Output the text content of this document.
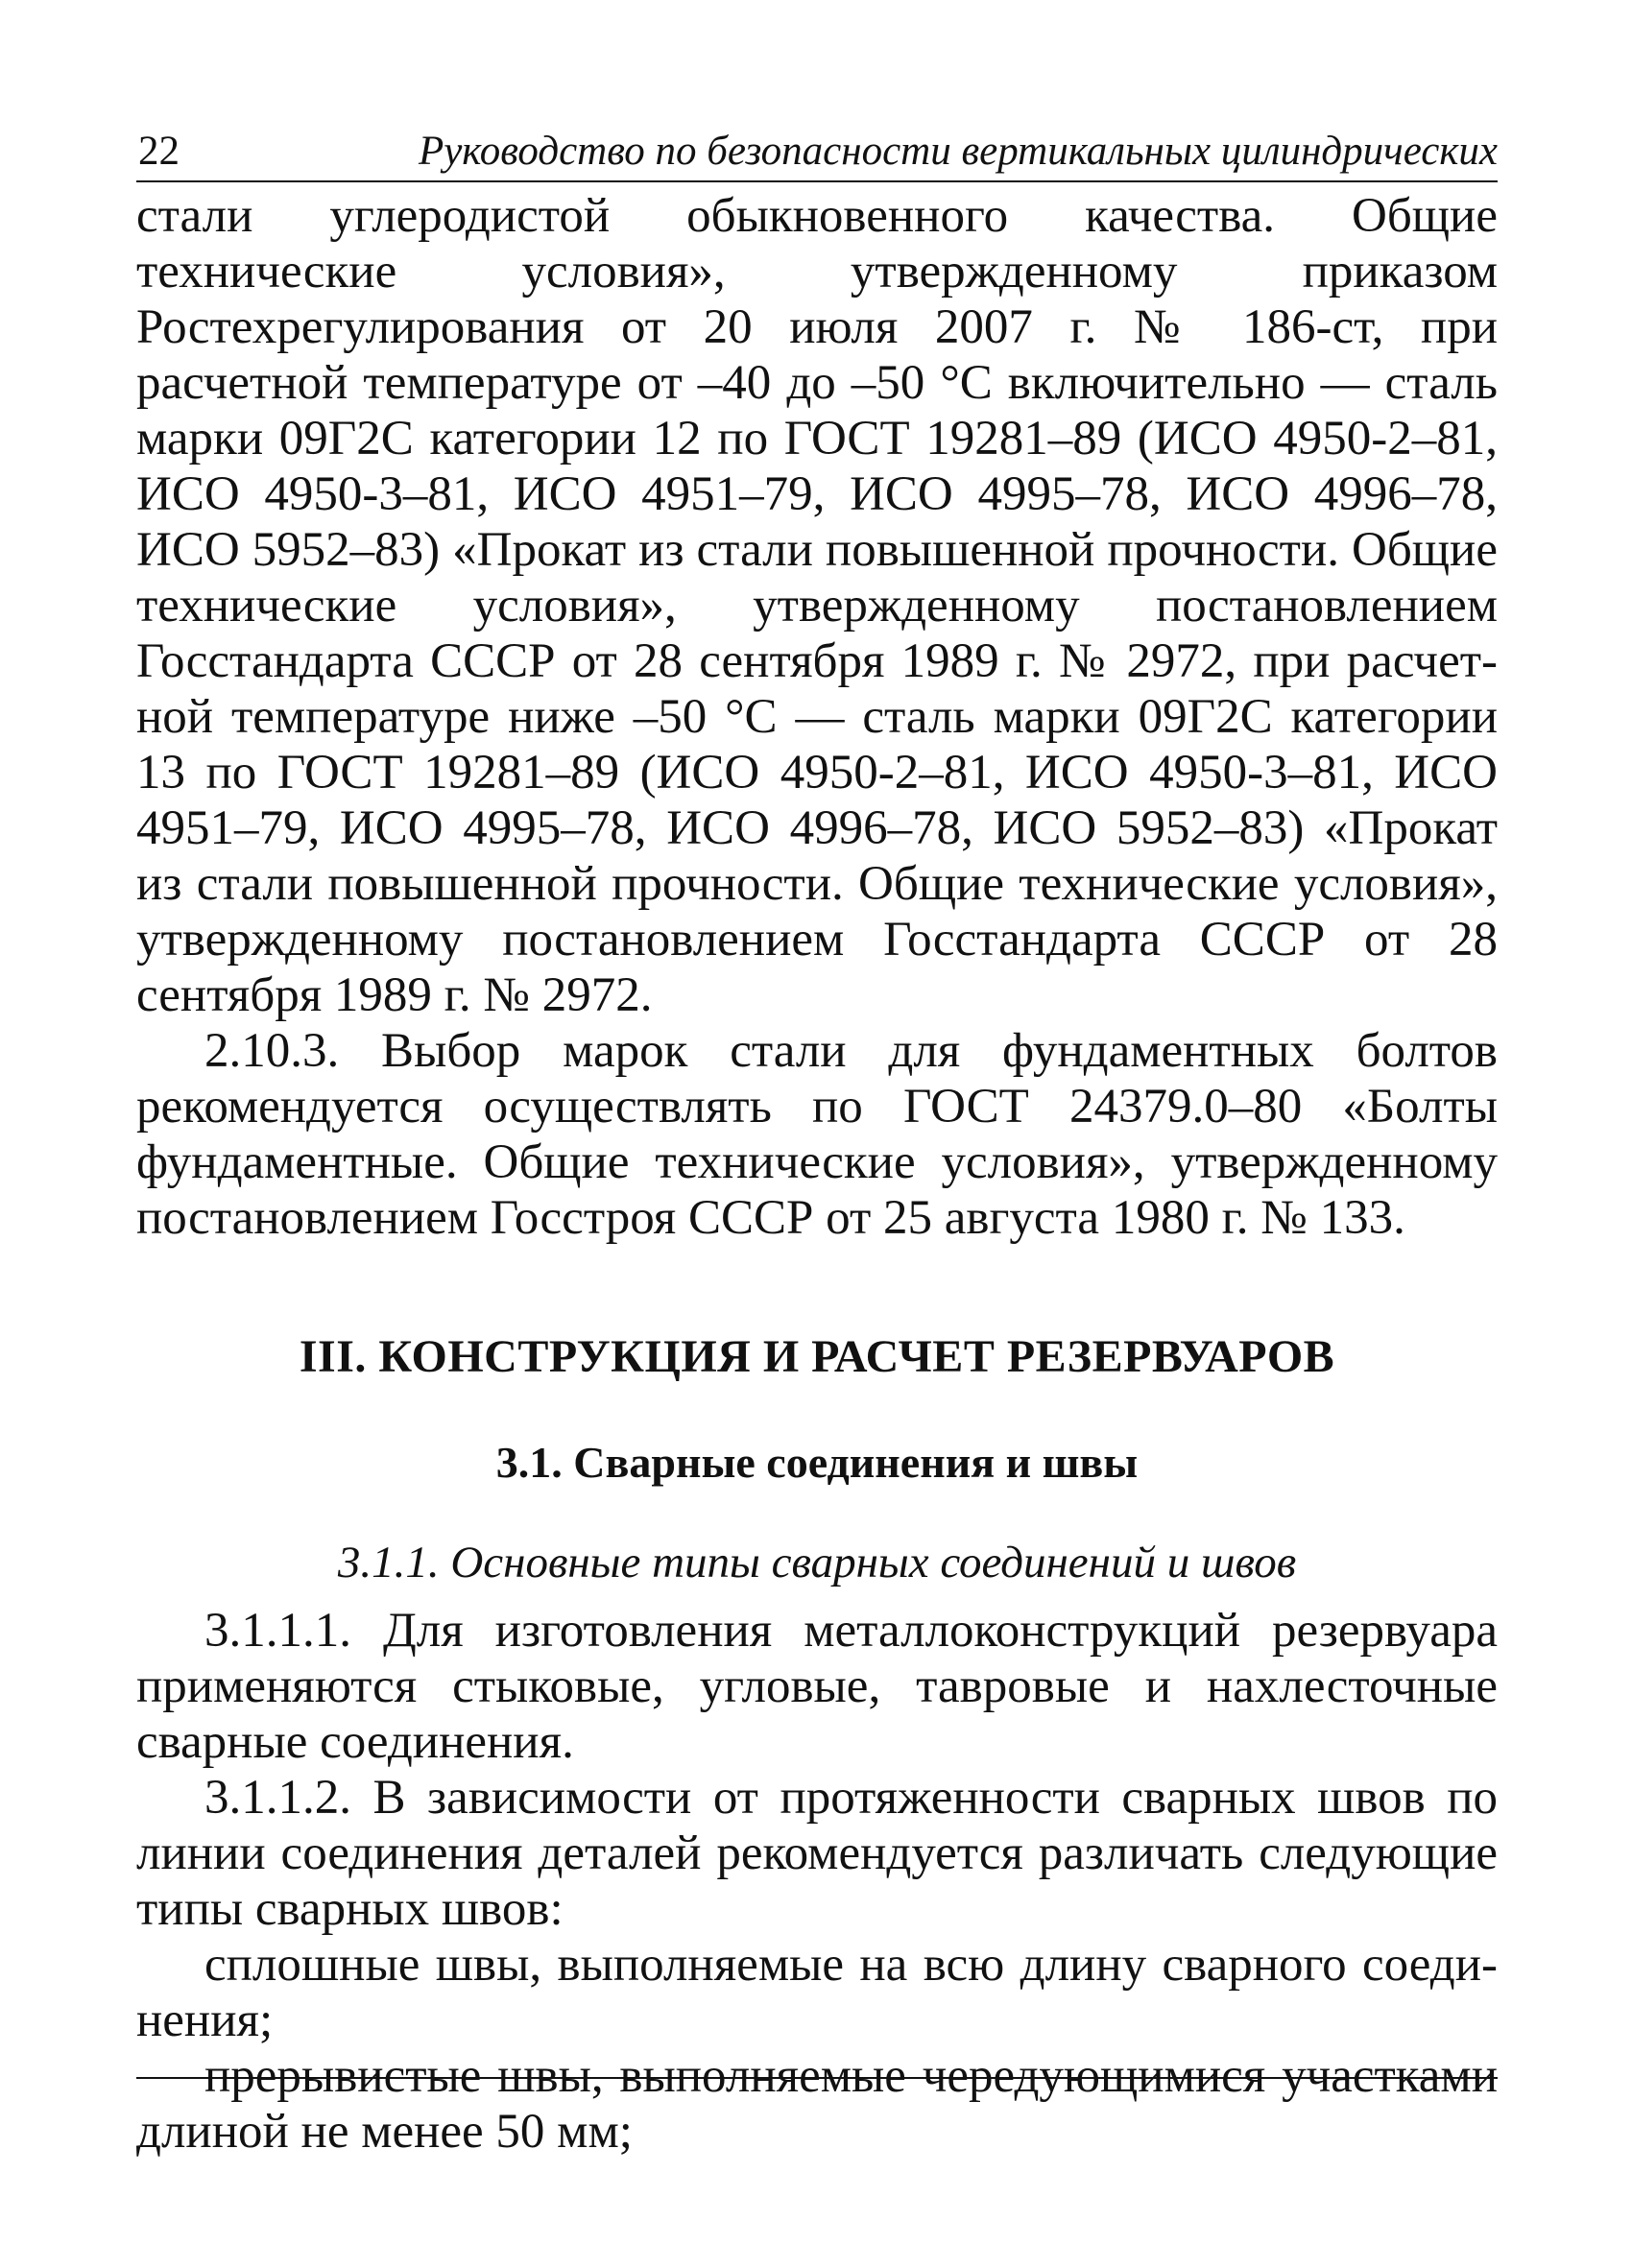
22	Руководство по безопасности вертикальных цилиндрических

стали углеродистой обыкновенного качества. Общие технические условия», утвержденному приказом Ростехрегулирования от 20 июля 2007 г. № 186-ст, при расчетной температуре от –40 до –50 °С включительно — сталь марки 09Г2С категории 12 по ГОСТ 19281–89 (ИСО 4950-2–81, ИСО 4950-3–81, ИСО 4951–79, ИСО 4995–78, ИСО 4996–78, ИСО 5952–83) «Прокат из стали повышенной прочности. Общие технические условия», утвержденному постановлением Госстандарта СССР от 28 сентября 1989 г. № 2972, при расчетной температуре ниже –50 °С — сталь марки 09Г2С категории 13 по ГОСТ 19281–89 (ИСО 4950-2–81, ИСО 4950-3–81, ИСО 4951–79, ИСО 4995–78, ИСО 4996–78, ИСО 5952–83) «Прокат из стали повышенной прочности. Общие технические условия», утвержденному постановлением Госстандарта СССР от 28 сентября 1989 г. № 2972.

2.10.3. Выбор марок стали для фундаментных болтов рекомендуется осуществлять по ГОСТ 24379.0–80 «Болты фундаментные. Общие технические условия», утвержденному постановлением Госстроя СССР от 25 августа 1980 г. № 133.

III. КОНСТРУКЦИЯ И РАСЧЕТ РЕЗЕРВУАРОВ
3.1. Сварные соединения и швы
3.1.1. Основные типы сварных соединений и швов

3.1.1.1. Для изготовления металлоконструкций резервуара применяются стыковые, угловые, тавровые и нахлесточные сварные соединения.

3.1.1.2. В зависимости от протяженности сварных швов по линии соединения деталей рекомендуется различать следующие типы сварных швов:

сплошные швы, выполняемые на всю длину сварного соединения;

прерывистые швы, выполняемые чередующимися участками длиной не менее 50 мм;
